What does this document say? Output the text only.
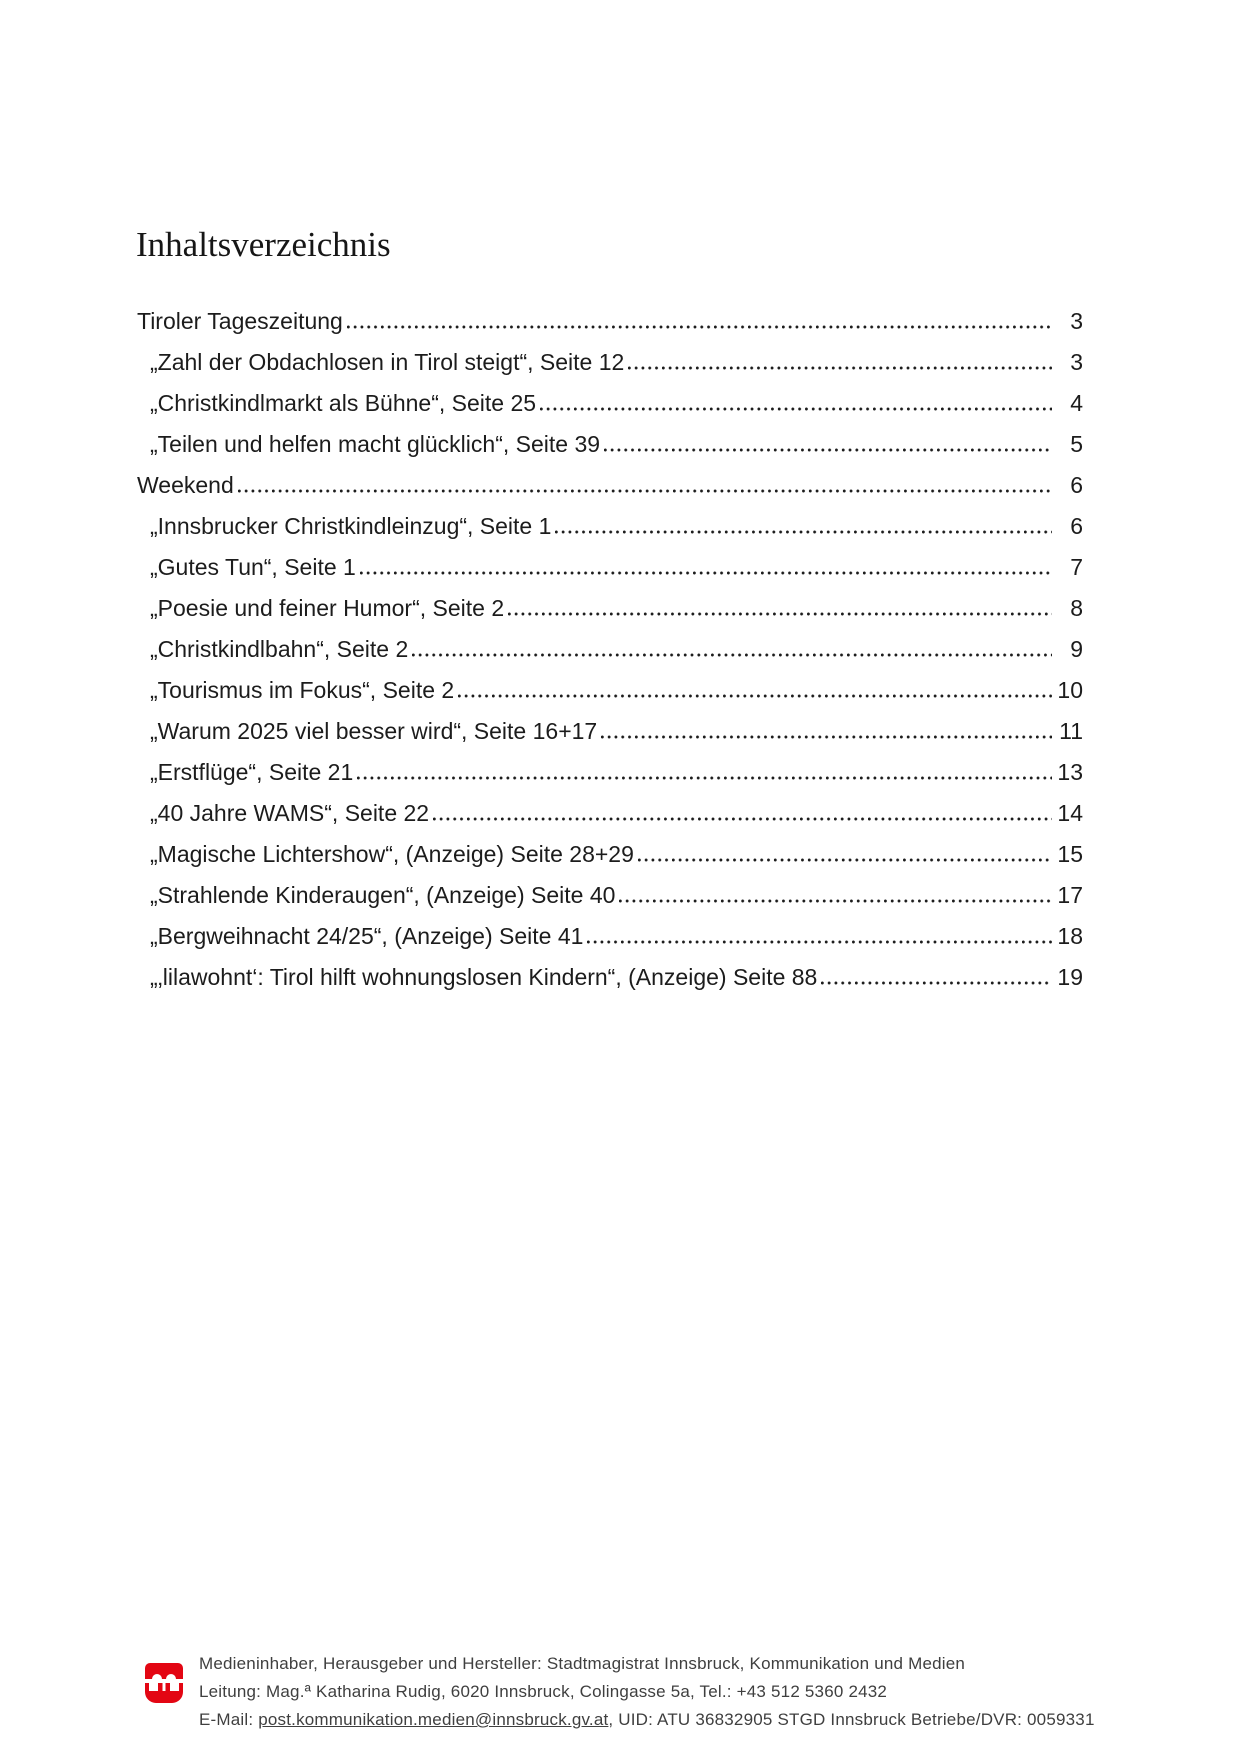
Inhaltsverzeichnis
Tiroler Tageszeitung	3
„Zahl der Obdachlosen in Tirol steigt“, Seite 12	3
„Christkindlmarkt als Bühne“, Seite 25	4
„Teilen und helfen macht glücklich“, Seite 39	5
Weekend	6
„Innsbrucker Christkindleinzug“, Seite 1	6
„Gutes Tun“, Seite 1	7
„Poesie und feiner Humor“, Seite 2	8
„Christkindlbahn“, Seite 2	9
„Tourismus im Fokus“, Seite 2	10
„Warum 2025 viel besser wird“, Seite 16+17	11
„Erstflüge“, Seite 21	13
„40 Jahre WAMS“, Seite 22	14
„Magische Lichtershow“, (Anzeige) Seite 28+29	15
„Strahlende Kinderaugen“, (Anzeige) Seite 40	17
„Bergweihnacht 24/25“, (Anzeige) Seite 41	18
„‚lilawohnt‘: Tirol hilft wohnungslosen Kindern“, (Anzeige) Seite 88	19
Medieninhaber, Herausgeber und Hersteller: Stadtmagistrat Innsbruck, Kommunikation und Medien
Leitung: Mag.ª Katharina Rudig, 6020 Innsbruck, Colingasse 5a, Tel.: +43 512 5360 2432
E-Mail: post.kommunikation.medien@innsbruck.gv.at, UID: ATU 36832905 STGD Innsbruck Betriebe/DVR: 0059331
